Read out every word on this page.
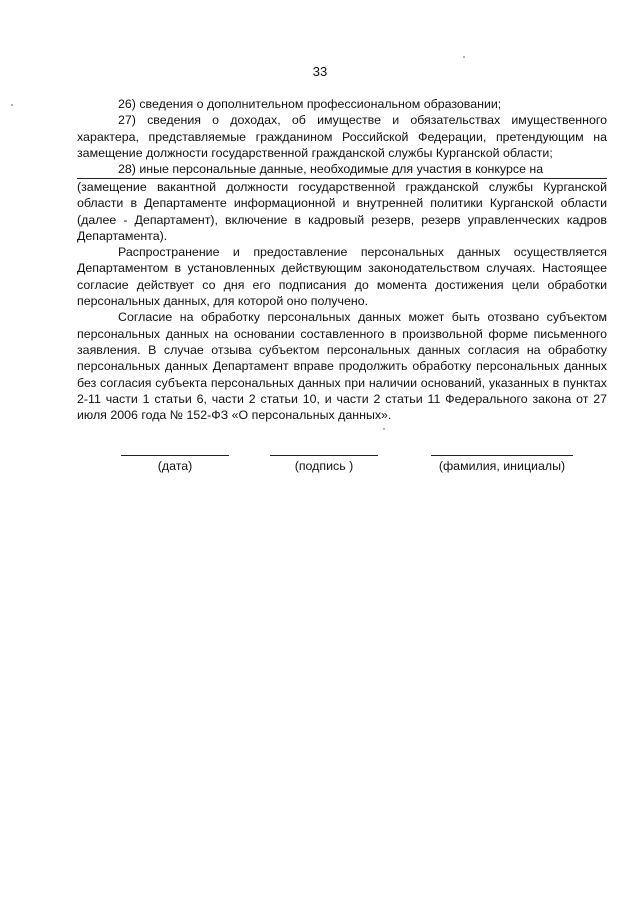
33

26) сведения о дополнительном профессиональном образовании;

27) сведения о доходах, об имуществе и обязательствах имущественного характера, представляемые гражданином Российской Федерации, претендующим на замещение должности государственной гражданской службы Курганской области;

28) иные персональные данные, необходимые для участия в конкурсе на

(замещение вакантной должности государственной гражданской службы Курганской области в Департаменте информационной и внутренней политики Курганской области (далее - Департамент), включение в кадровый резерв, резерв управленческих кадров Департамента).

Распространение и предоставление персональных данных осуществляется Департаментом в установленных действующим законодательством случаях. Настоящее согласие действует со дня его подписания до момента достижения цели обработки персональных данных, для которой оно получено.

Согласие на обработку персональных данных может быть отозвано субъектом персональных данных на основании составленного в произвольной форме письменного заявления. В случае отзыва субъектом персональных данных согласия на обработку персональных данных Департамент вправе продолжить обработку персональных данных без согласия субъекта персональных данных при наличии оснований, указанных в пунктах 2-11 части 1 статьи 6, части 2 статьи 10, и части 2 статьи 11 Федерального закона от 27 июля 2006 года № 152-ФЗ «О персональных данных».

(дата)	(подпись )	(фамилия, инициалы)
